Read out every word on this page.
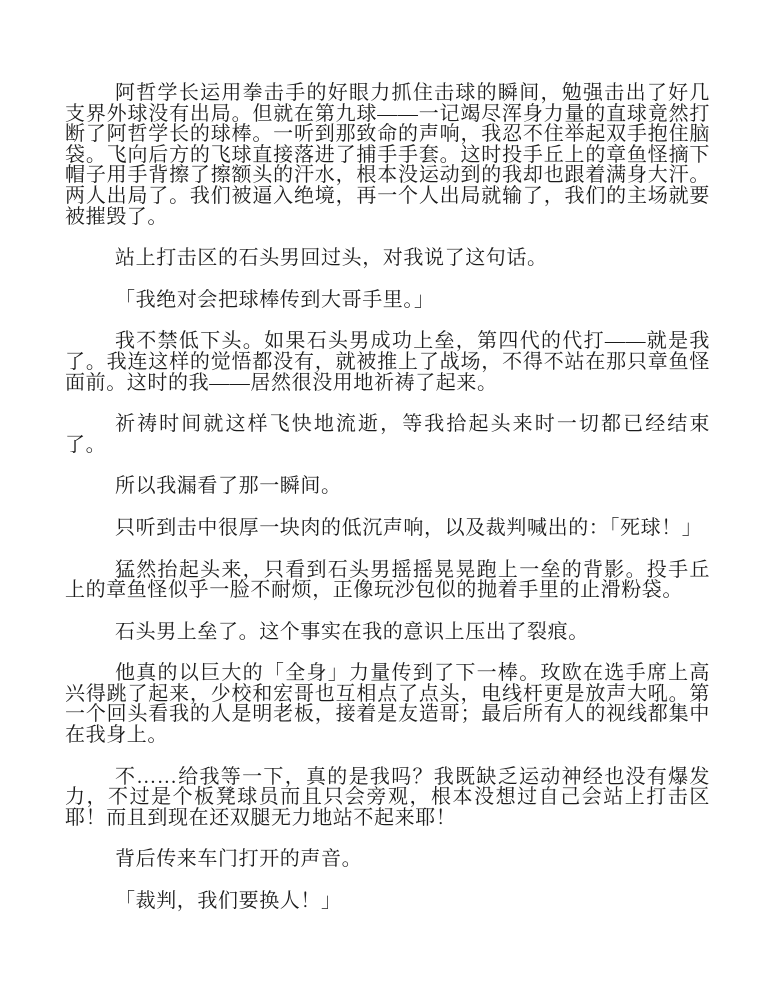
阿哲学长运用拳击手的好眼力抓住击球的瞬间，勉强击出了好几支界外球没有出局。但就在第九球——一记竭尽浑身力量的直球竟然打断了阿哲学长的球棒。一听到那致命的声响，我忍不住举起双手抱住脑袋。飞向后方的飞球直接落进了捕手手套。这时投手丘上的章鱼怪摘下帽子用手背擦了擦额头的汗水，根本没运动到的我却也跟着满身大汗。两人出局了。我们被逼入绝境，再一个人出局就输了，我们的主场就要被摧毁了。

站上打击区的石头男回过头，对我说了这句话。

「我绝对会把球棒传到大哥手里。」

我不禁低下头。如果石头男成功上垒，第四代的代打——就是我了。我连这样的觉悟都没有，就被推上了战场，不得不站在那只章鱼怪面前。这时的我——居然很没用地祈祷了起来。

祈祷时间就这样飞快地流逝，等我拾起头来时一切都已经结束了。

所以我漏看了那一瞬间。

只听到击中很厚一块肉的低沉声响，以及裁判喊出的：「死球！」

猛然抬起头来，只看到石头男摇摇晃晃跑上一垒的背影。投手丘上的章鱼怪似乎一脸不耐烦，正像玩沙包似的抛着手里的止滑粉袋。

石头男上垒了。这个事实在我的意识上压出了裂痕。

他真的以巨大的「全身」力量传到了下一棒。玫欧在选手席上高兴得跳了起来，少校和宏哥也互相点了点头，电线杆更是放声大吼。第一个回头看我的人是明老板，接着是友造哥；最后所有人的视线都集中在我身上。

不……给我等一下，真的是我吗？我既缺乏运动神经也没有爆发力，不过是个板凳球员而且只会旁观，根本没想过自己会站上打击区耶！而且到现在还双腿无力地站不起来耶！

背后传来车门打开的声音。

「裁判，我们要换人！」
